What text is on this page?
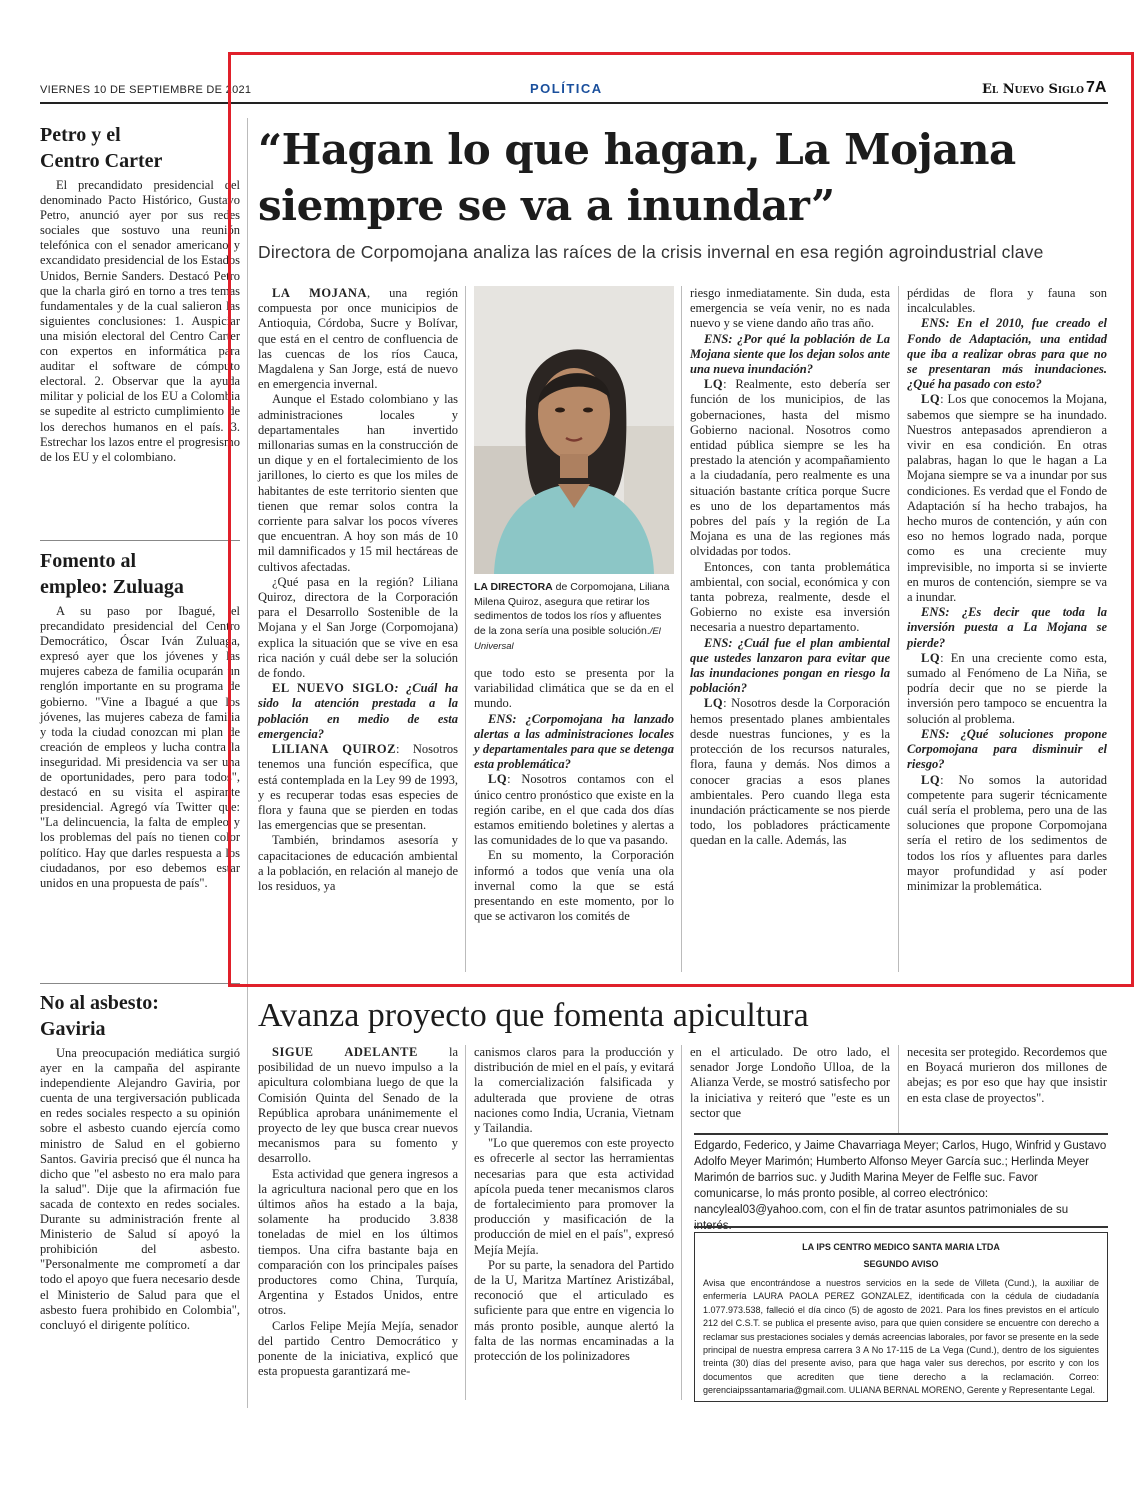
VIERNES 10 DE SEPTIEMBRE DE 2021	POLÍTICA	El Nuevo Siglo 7A
Petro y el
Centro Carter

El precandidato presidencial del denominado Pacto Histórico, Gustavo Petro, anunció ayer por sus redes sociales que sostuvo una reunión telefónica con el senador americano y excandidato presidencial de los Estados Unidos, Bernie Sanders. Destacó Petro que la charla giró en torno a tres temas fundamentales y de la cual salieron las siguientes conclusiones: 1. Auspiciar una misión electoral del Centro Carter con expertos en informática para auditar el software de cómputo electoral. 2. Observar que la ayuda militar y policial de los EU a Colombia se supedite al estricto cumplimiento de los derechos humanos en el país. 3. Estrechar los lazos entre el progresismo de los EU y el colombiano.

Fomento al
empleo: Zuluaga

A su paso por Ibagué, el precandidato presidencial del Centro Democrático, Óscar Iván Zuluaga, expresó ayer que los jóvenes y las mujeres cabeza de familia ocuparán un renglón importante en su programa de gobierno. "Vine a Ibagué a que los jóvenes, las mujeres cabeza de familia y toda la ciudad conozcan mi plan de creación de empleos y lucha contra la inseguridad. Mi presidencia va ser una de oportunidades, pero para todos", destacó en su visita el aspirante presidencial. Agregó vía Twitter que: "La delincuencia, la falta de empleo y los problemas del país no tienen color político. Hay que darles respuesta a los ciudadanos, por eso debemos estar unidos en una propuesta de país".

No al asbesto:
Gaviria

Una preocupación mediática surgió ayer en la campaña del aspirante independiente Alejandro Gaviria, por cuenta de una tergiversación publicada en redes sociales respecto a su opinión sobre el asbesto cuando ejercía como ministro de Salud en el gobierno Santos. Gaviria precisó que él nunca ha dicho que "el asbesto no era malo para la salud". Dije que la afirmación fue sacada de contexto en redes sociales. Durante su administración frente al Ministerio de Salud sí apoyó la prohibición del asbesto. "Personalmente me comprometí a dar todo el apoyo que fuera necesario desde el Ministerio de Salud para que el asbesto fuera prohibido en Colombia", concluyó el dirigente político.

“Hagan lo que hagan, La Mojana
siempre se va a inundar”
Directora de Corpomojana analiza las raíces de la crisis invernal en esa región agroindustrial clave

LA MOJANA, una región compuesta por once municipios de Antioquia, Córdoba, Sucre y Bolívar, que está en el centro de confluencia de las cuencas de los ríos Cauca, Magdalena y San Jorge, está de nuevo en emergencia invernal.

Aunque el Estado colombiano y las administraciones locales y departamentales han invertido millonarias sumas en la construcción de un dique y en el fortalecimiento de los jarillones, lo cierto es que los miles de habitantes de este territorio sienten que tienen que remar solos contra la corriente para salvar los pocos víveres que encuentran. A hoy son más de 10 mil damnificados y 15 mil hectáreas de cultivos afectadas.

¿Qué pasa en la región? Liliana Quiroz, directora de la Corporación para el Desarrollo Sostenible de la Mojana y el San Jorge (Corpomojana) explica la situación que se vive en esa rica nación y cuál debe ser la solución de fondo.

EL NUEVO SIGLO: ¿Cuál ha sido la atención prestada a la población en medio de esta emergencia?

LILIANA QUIROZ: Nosotros tenemos una función específica, que está contemplada en la Ley 99 de 1993, y es recuperar todas esas especies de flora y fauna que se pierden en todas las emergencias que se presentan.

También, brindamos asesoría y capacitaciones de educación ambiental a la población, en relación al manejo de los residuos, ya

LA DIRECTORA de Corpomojana, Liliana Milena Quiroz, asegura que retirar los sedimentos de todos los ríos y afluentes de la zona sería una posible solución./El Universal

que todo esto se presenta por la variabilidad climática que se da en el mundo.

ENS: ¿Corpomojana ha lanzado alertas a las administraciones locales y departamentales para que se detenga esta problemática?

LQ: Nosotros contamos con el único centro pronóstico que existe en la región caribe, en el que cada dos días estamos emitiendo boletines y alertas a las comunidades de lo que va pasando.

En su momento, la Corporación informó a todos que venía una ola invernal como la que se está presentando en este momento, por lo que se activaron los comités de

riesgo inmediatamente. Sin duda, esta emergencia se veía venir, no es nada nuevo y se viene dando año tras año.

ENS: ¿Por qué la población de La Mojana siente que los dejan solos ante una nueva inundación?

LQ: Realmente, esto debería ser función de los municipios, de las gobernaciones, hasta del mismo Gobierno nacional. Nosotros como entidad pública siempre se les ha prestado la atención y acompañamiento a la ciudadanía, pero realmente es una situación bastante crítica porque Sucre es uno de los departamentos más pobres del país y la región de La Mojana es una de las regiones más olvidadas por todos.

Entonces, con tanta problemática ambiental, con social, económica y con tanta pobreza, realmente, desde el Gobierno no existe esa inversión necesaria a nuestro departamento.

ENS: ¿Cuál fue el plan ambiental que ustedes lanzaron para evitar que las inundaciones pongan en riesgo la población?

LQ: Nosotros desde la Corporación hemos presentado planes ambientales desde nuestras funciones, y es la protección de los recursos naturales, flora, fauna y demás. Nos dimos a conocer gracias a esos planes ambientales. Pero cuando llega esta inundación prácticamente se nos pierde todo, los pobladores prácticamente quedan en la calle. Además, las

pérdidas de flora y fauna son incalculables.

ENS: En el 2010, fue creado el Fondo de Adaptación, una entidad que iba a realizar obras para que no se presentaran más inundaciones. ¿Qué ha pasado con esto?

LQ: Los que conocemos la Mojana, sabemos que siempre se ha inundado. Nuestros antepasados aprendieron a vivir en esa condición. En otras palabras, hagan lo que le hagan a La Mojana siempre se va a inundar por sus condiciones. Es verdad que el Fondo de Adaptación sí ha hecho trabajos, ha hecho muros de contención, y aún con eso no hemos logrado nada, porque como es una creciente muy imprevisible, no importa si se invierte en muros de contención, siempre se va a inundar.

ENS: ¿Es decir que toda la inversión puesta a La Mojana se pierde?

LQ: En una creciente como esta, sumado al Fenómeno de La Niña, se podría decir que no se pierde la inversión pero tampoco se encuentra la solución al problema.

ENS: ¿Qué soluciones propone Corpomojana para disminuir el riesgo?

LQ: No somos la autoridad competente para sugerir técnicamente cuál sería el problema, pero una de las soluciones que propone Corpomojana sería el retiro de los sedimentos de todos los ríos y afluentes para darles mayor profundidad y así poder minimizar la problemática.

Avanza proyecto que fomenta apicultura

SIGUE ADELANTE la posibilidad de un nuevo impulso a la apicultura colombiana luego de que la Comisión Quinta del Senado de la República aprobara unánimemente el proyecto de ley que busca crear nuevos mecanismos para su fomento y desarrollo.

Esta actividad que genera ingresos a la agricultura nacional pero que en los últimos años ha estado a la baja, solamente ha producido 3.838 toneladas de miel en los últimos tiempos. Una cifra bastante baja en comparación con los principales países productores como China, Turquía, Argentina y Estados Unidos, entre otros.

Carlos Felipe Mejía Mejía, senador del partido Centro Democrático y ponente de la iniciativa, explicó que esta propuesta garantizará me-

canismos claros para la producción y distribución de miel en el país, y evitará la comercialización falsificada y adulterada que proviene de otras naciones como India, Ucrania, Vietnam y Tailandia.

"Lo que queremos con este proyecto es ofrecerle al sector las herramientas necesarias para que esta actividad apícola pueda tener mecanismos claros de fortalecimiento para promover la producción y masificación de la producción de miel en el país", expresó Mejía Mejía.

Por su parte, la senadora del Partido de la U, Maritza Martínez Aristizábal, reconoció que el articulado es suficiente para que entre en vigencia lo más pronto posible, aunque alertó la falta de las normas encaminadas a la protección de los polinizadores

en el articulado. De otro lado, el senador Jorge Londoño Ulloa, de la Alianza Verde, se mostró satisfecho por la iniciativa y reiteró que "este es un sector que

necesita ser protegido. Recordemos que en Boyacá murieron dos millones de abejas; es por eso que hay que insistir en esta clase de proyectos".

Edgardo, Federico, y Jaime Chavarriaga Meyer; Carlos, Hugo, Winfrid y Gustavo Adolfo Meyer Marimón; Humberto Alfonso Meyer García suc.; Herlinda Meyer Marimón de barrios suc. y Judith Marina Meyer de Felfle suc. Favor comunicarse, lo más pronto posible, al correo electrónico: nancyleal03@yahoo.com, con el fin de tratar asuntos patrimoniales de su interés.
LA IPS CENTRO MEDICO SANTA MARIA LTDA
SEGUNDO AVISO
Avisa que encontrándose a nuestros servicios en la sede de Villeta (Cund.), la auxiliar de enfermería LAURA PAOLA PEREZ GONZALEZ, identificada con la cédula de ciudadanía 1.077.973.538, falleció el día cinco (5) de agosto de 2021. Para los fines previstos en el artículo 212 del C.S.T. se publica el presente aviso, para que quien considere se encuentre con derecho a reclamar sus prestaciones sociales y demás acreencias laborales, por favor se presente en la sede principal de nuestra empresa carrera 3 A No 17-115 de La Vega (Cund.), dentro de los siguientes treinta (30) días del presente aviso, para que haga valer sus derechos, por escrito y con los documentos que acrediten que tiene derecho a la reclamación. Correo: gerenciaipssantamaria@gmail.com. ULIANA BERNAL MORENO, Gerente y Representante Legal.
